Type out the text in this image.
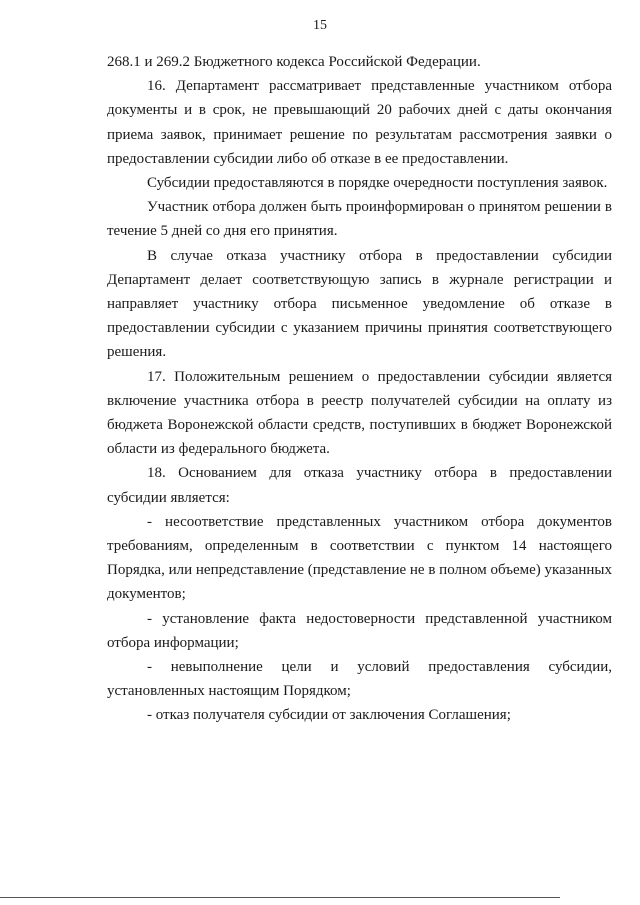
15

268.1 и 269.2 Бюджетного кодекса Российской Федерации.

16. Департамент рассматривает представленные участником отбора документы и в срок, не превышающий 20 рабочих дней с даты окончания приема заявок, принимает решение по результатам рассмотрения заявки о предоставлении субсидии либо об отказе в ее предоставлении.

Субсидии предоставляются в порядке очередности поступления заявок.

Участник отбора должен быть проинформирован о принятом решении в течение 5 дней со дня его принятия.

В случае отказа участнику отбора в предоставлении субсидии Департамент делает соответствующую запись в журнале регистрации и направляет участнику отбора письменное уведомление об отказе в предоставлении субсидии с указанием причины принятия соответствующего решения.

17. Положительным решением о предоставлении субсидии является включение участника отбора в реестр получателей субсидии на оплату из бюджета Воронежской области средств, поступивших в бюджет Воронежской области из федерального бюджета.

18. Основанием для отказа участнику отбора в предоставлении субсидии является:

- несоответствие представленных участником отбора документов требованиям, определенным в соответствии с пунктом 14 настоящего Порядка, или непредставление (представление не в полном объеме) указанных документов;

- установление факта недостоверности представленной участником отбора информации;

- невыполнение цели и условий предоставления субсидии, установленных настоящим Порядком;

- отказ получателя субсидии от заключения Соглашения;
